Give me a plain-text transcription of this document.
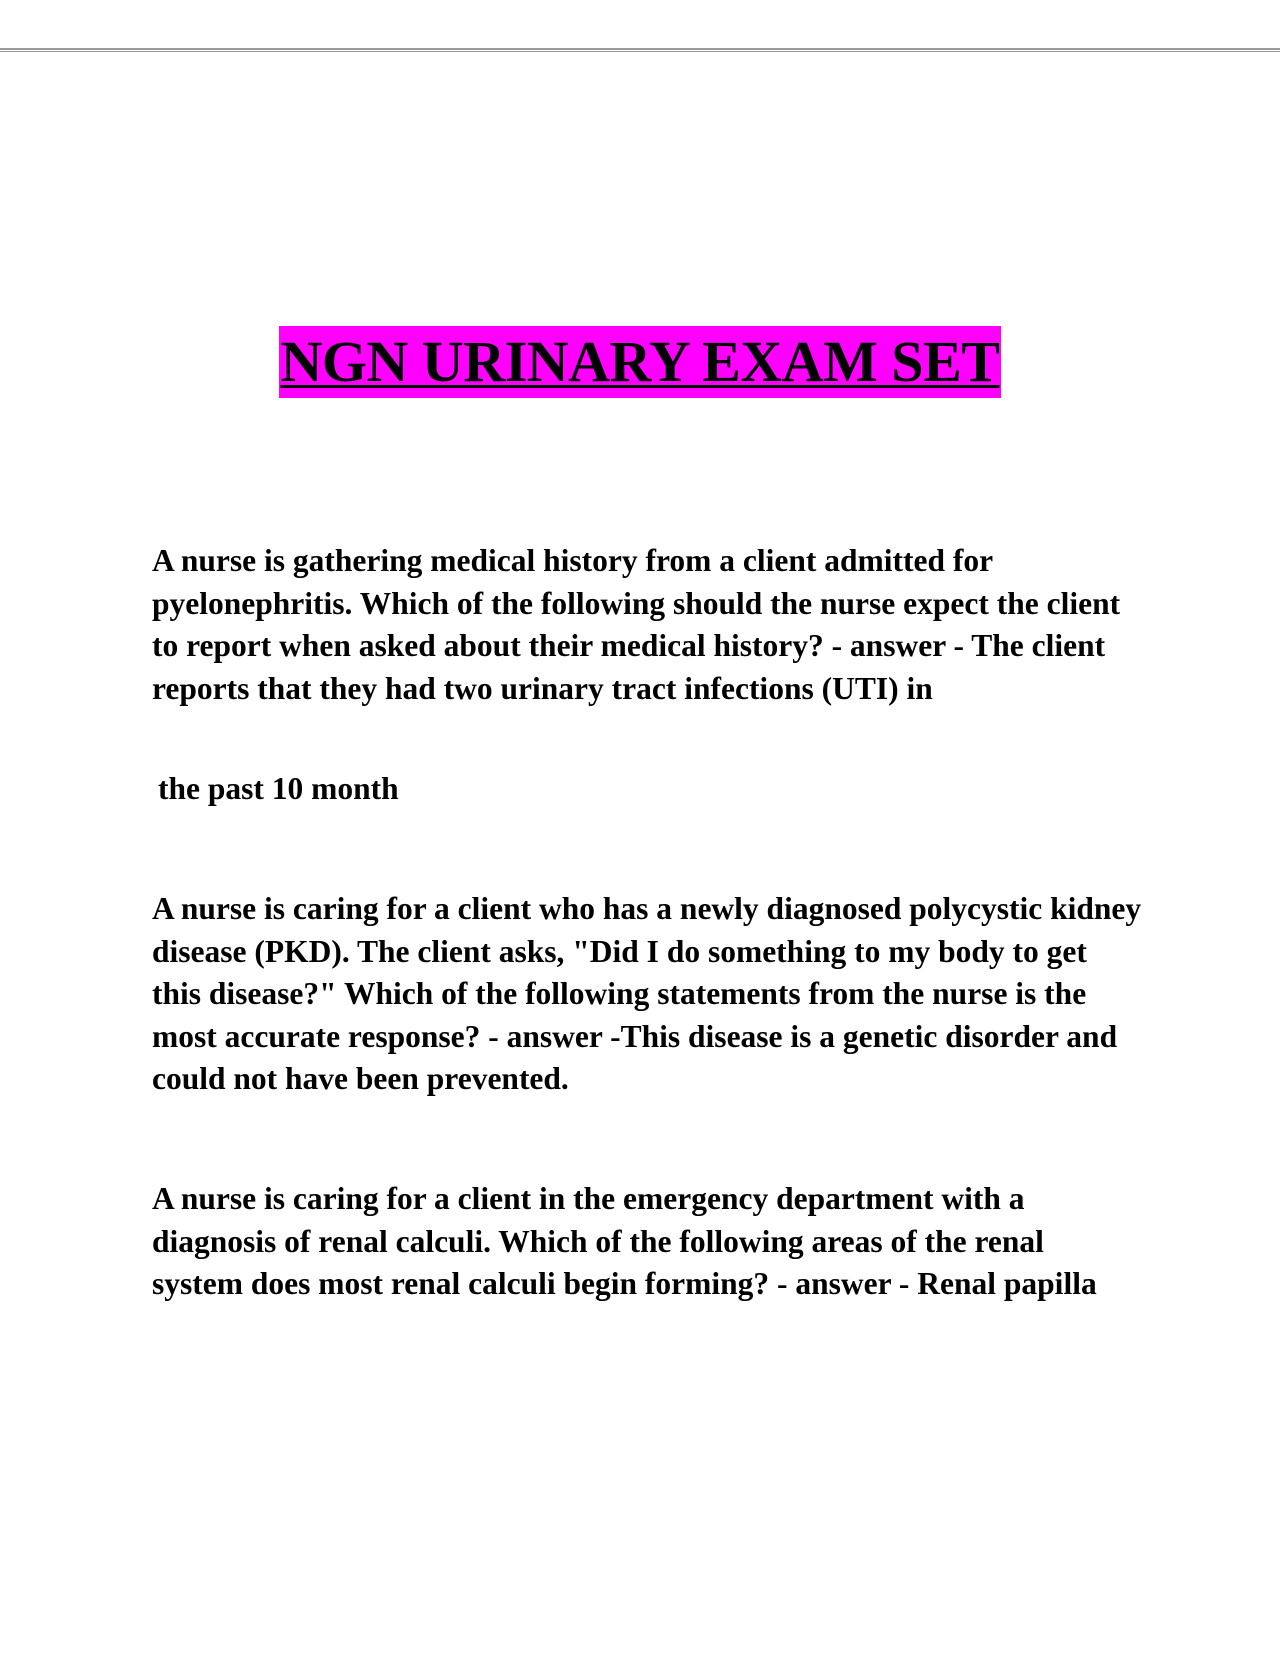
NGN URINARY EXAM SET

A nurse is gathering medical history from a client admitted for pyelonephritis. Which of the following should the nurse expect the client to report when asked about their medical history? - answer - The client reports that they had two urinary tract infections (UTI) in

the past 10 month

A nurse is caring for a client who has a newly diagnosed polycystic kidney disease (PKD). The client asks, "Did I do something to my body to get this disease?" Which of the following statements from the nurse is the most accurate response? - answer -This disease is a genetic disorder and could not have been prevented.

A nurse is caring for a client in the emergency department with a diagnosis of renal calculi. Which of the following areas of the renal system does most renal calculi begin forming? - answer - Renal papilla
